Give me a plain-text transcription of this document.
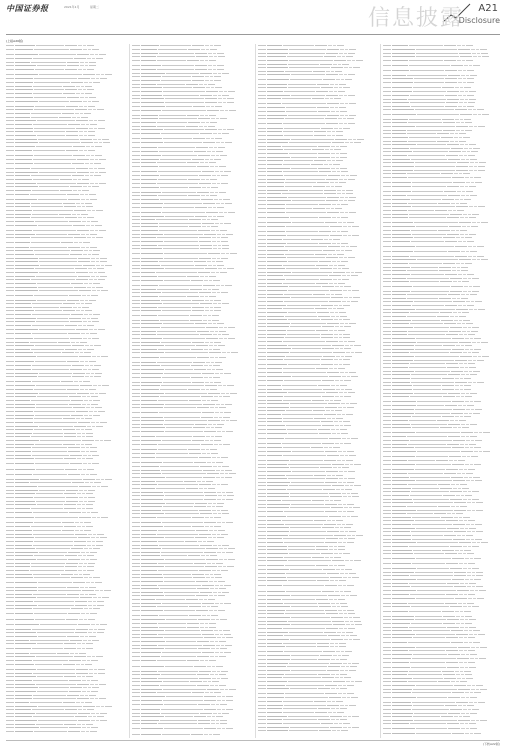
中国证券报	2021年1月	星期二	信息披露 A21
Disclosure
(上接A20版)
(下转A22版)
